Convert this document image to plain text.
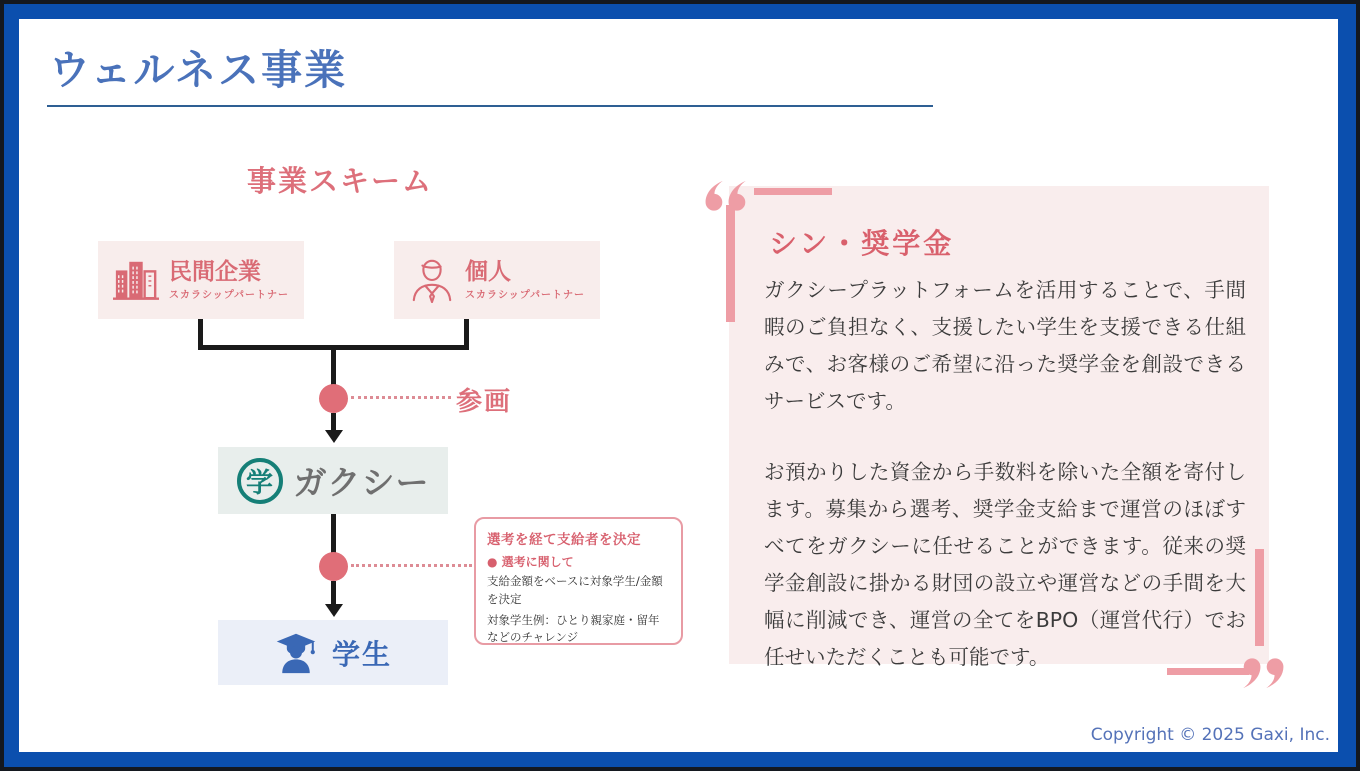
ウェルネス事業
事業スキーム
民間企業
スカラシップパートナー
個人
スカラシップパートナー
参画
学 ガクシー
学生
選考を経て支給者を決定
● 選考に関して
支給金額をベースに対象学生/金額を決定
対象学生例：ひとり親家庭・留年などのチャレンジ
シン・奨学金

ガクシープラットフォームを活用することで、手間暇のご負担なく、支援したい学生を支援できる仕組みで、お客様のご希望に沿った奨学金を創設できるサービスです。

お預かりした資金から手数料を除いた全額を寄付します。募集から選考、奨学金支給まで運営のほぼすべてをガクシーに任せることができます。従来の奨学金創設に掛かる財団の設立や運営などの手間を大幅に削減でき、運営の全てをBPO（運営代行）でお任せいただくことも可能です。

Copyright © 2025 Gaxi, Inc.
